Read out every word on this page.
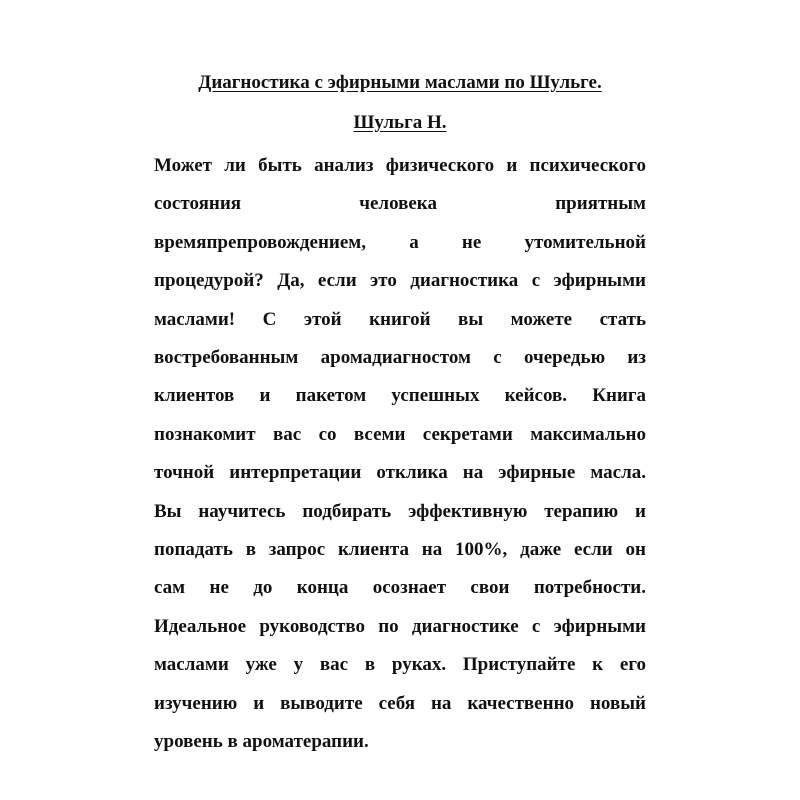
Диагностика с эфирными маслами по Шульге.

Шульга Н.

Может ли быть анализ физического и психического

состояния человека приятным

времяпрепровождением, а не утомительной

процедурой? Да, если это диагностика с эфирными

маслами! С этой книгой вы можете стать

востребованным аромадиагностом с очередью из

клиентов и пакетом успешных кейсов. Книга

познакомит вас со всеми секретами максимально

точной интерпретации отклика на эфирные масла.

Вы научитесь подбирать эффективную терапию и

попадать в запрос клиента на 100%, даже если он

сам не до конца осознает свои потребности.

Идеальное руководство по диагностике с эфирными

маслами уже у вас в руках. Приступайте к его

изучению и выводите себя на качественно новый

уровень в ароматерапии.
